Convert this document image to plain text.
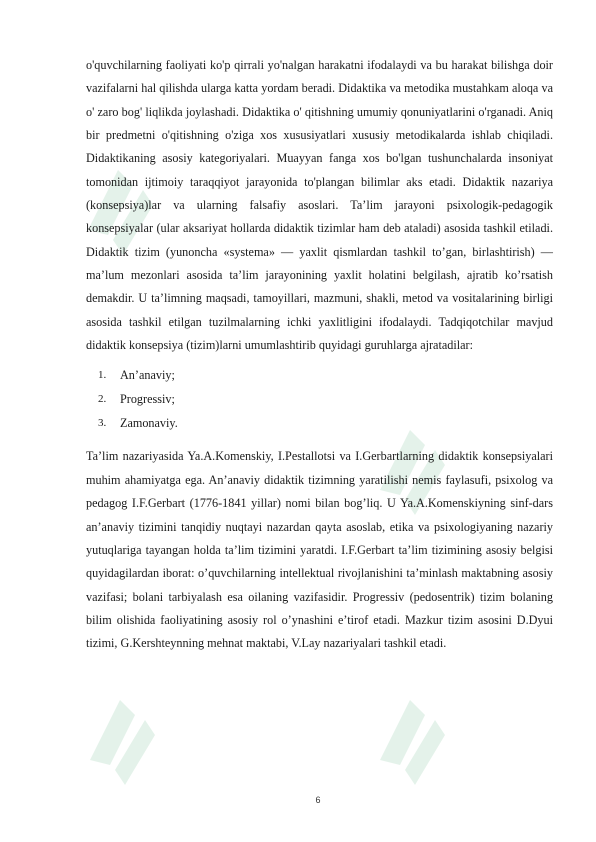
o'quvchilarning faoliyati ko'p qirrali yo'nalgan harakatni ifodalaydi va bu harakat bilishga doir vazifalarni hal qilishda ularga katta yordam beradi. Didaktika va metodika mustahkam aloqa va o' zaro bog' liqlikda joylashadi. Didaktika o' qitishning umumiy qonuniyatlarini o'rganadi. Aniq bir predmetni o'qitishning o'ziga xos xususiyatlari xususiy metodikalarda ishlab chiqiladi. Didaktikaning asosiy kategoriyalari. Muayyan fanga xos bo'lgan tushunchalarda insoniyat tomonidan ijtimoiy taraqqiyot jarayonida to'plangan bilimlar aks etadi. Didaktik nazariya (konsepsiya)lar va ularning falsafiy asoslari. Ta’lim jarayoni psixologik-pedagogik konsepsiyalar (ular aksariyat hollarda didaktik tizimlar ham deb ataladi) asosida tashkil etiladi. Didaktik tizim (yunoncha «systema» — yaxlit qismlardan tashkil to’gan, birlashtirish) — ma’lum mezonlari asosida ta’lim jarayonining yaxlit holatini belgilash, ajratib ko’rsatish demakdir. U ta’limning maqsadi, tamoyillari, mazmuni, shakli, metod va vositalarining birligi asosida tashkil etilgan tuzilmalarning ichki yaxlitligini ifodalaydi. Tadqiqotchilar mavjud didaktik konsepsiya (tizim)larni umumlashtirib quyidagi guruhlarga ajratadilar:

1. An’anaviy;
2. Progressiv;
3. Zamonaviy.

Ta’lim nazariyasida Ya.A.Komenskiy, I.Pestallotsi va I.Gerbartlarning didaktik konsepsiyalari muhim ahamiyatga ega. An’anaviy didaktik tizimning yaratilishi nemis faylasufi, psixolog va pedagog I.F.Gerbart (1776-1841 yillar) nomi bilan bog’liq. U Ya.A.Komenskiyning sinf-dars an’anaviy tizimini tanqidiy nuqtayi nazardan qayta asoslab, etika va psixologiyaning nazariy yutuqlariga tayangan holda ta’lim tizimini yaratdi. I.F.Gerbart ta’lim tizimining asosiy belgisi quyidagilardan iborat: o’quvchilarning intellektual rivojlanishini ta’minlash maktabning asosiy vazifasi; bolani tarbiyalash esa oilaning vazifasidir. Progressiv (pedosentrik) tizim bolaning bilim olishida faoliyatining asosiy rol o’ynashini e’tirof etadi. Mazkur tizim asosini D.Dyui tizimi, G.Kershteynning mehnat maktabi, V.Lay nazariyalari tashkil etadi.

6
